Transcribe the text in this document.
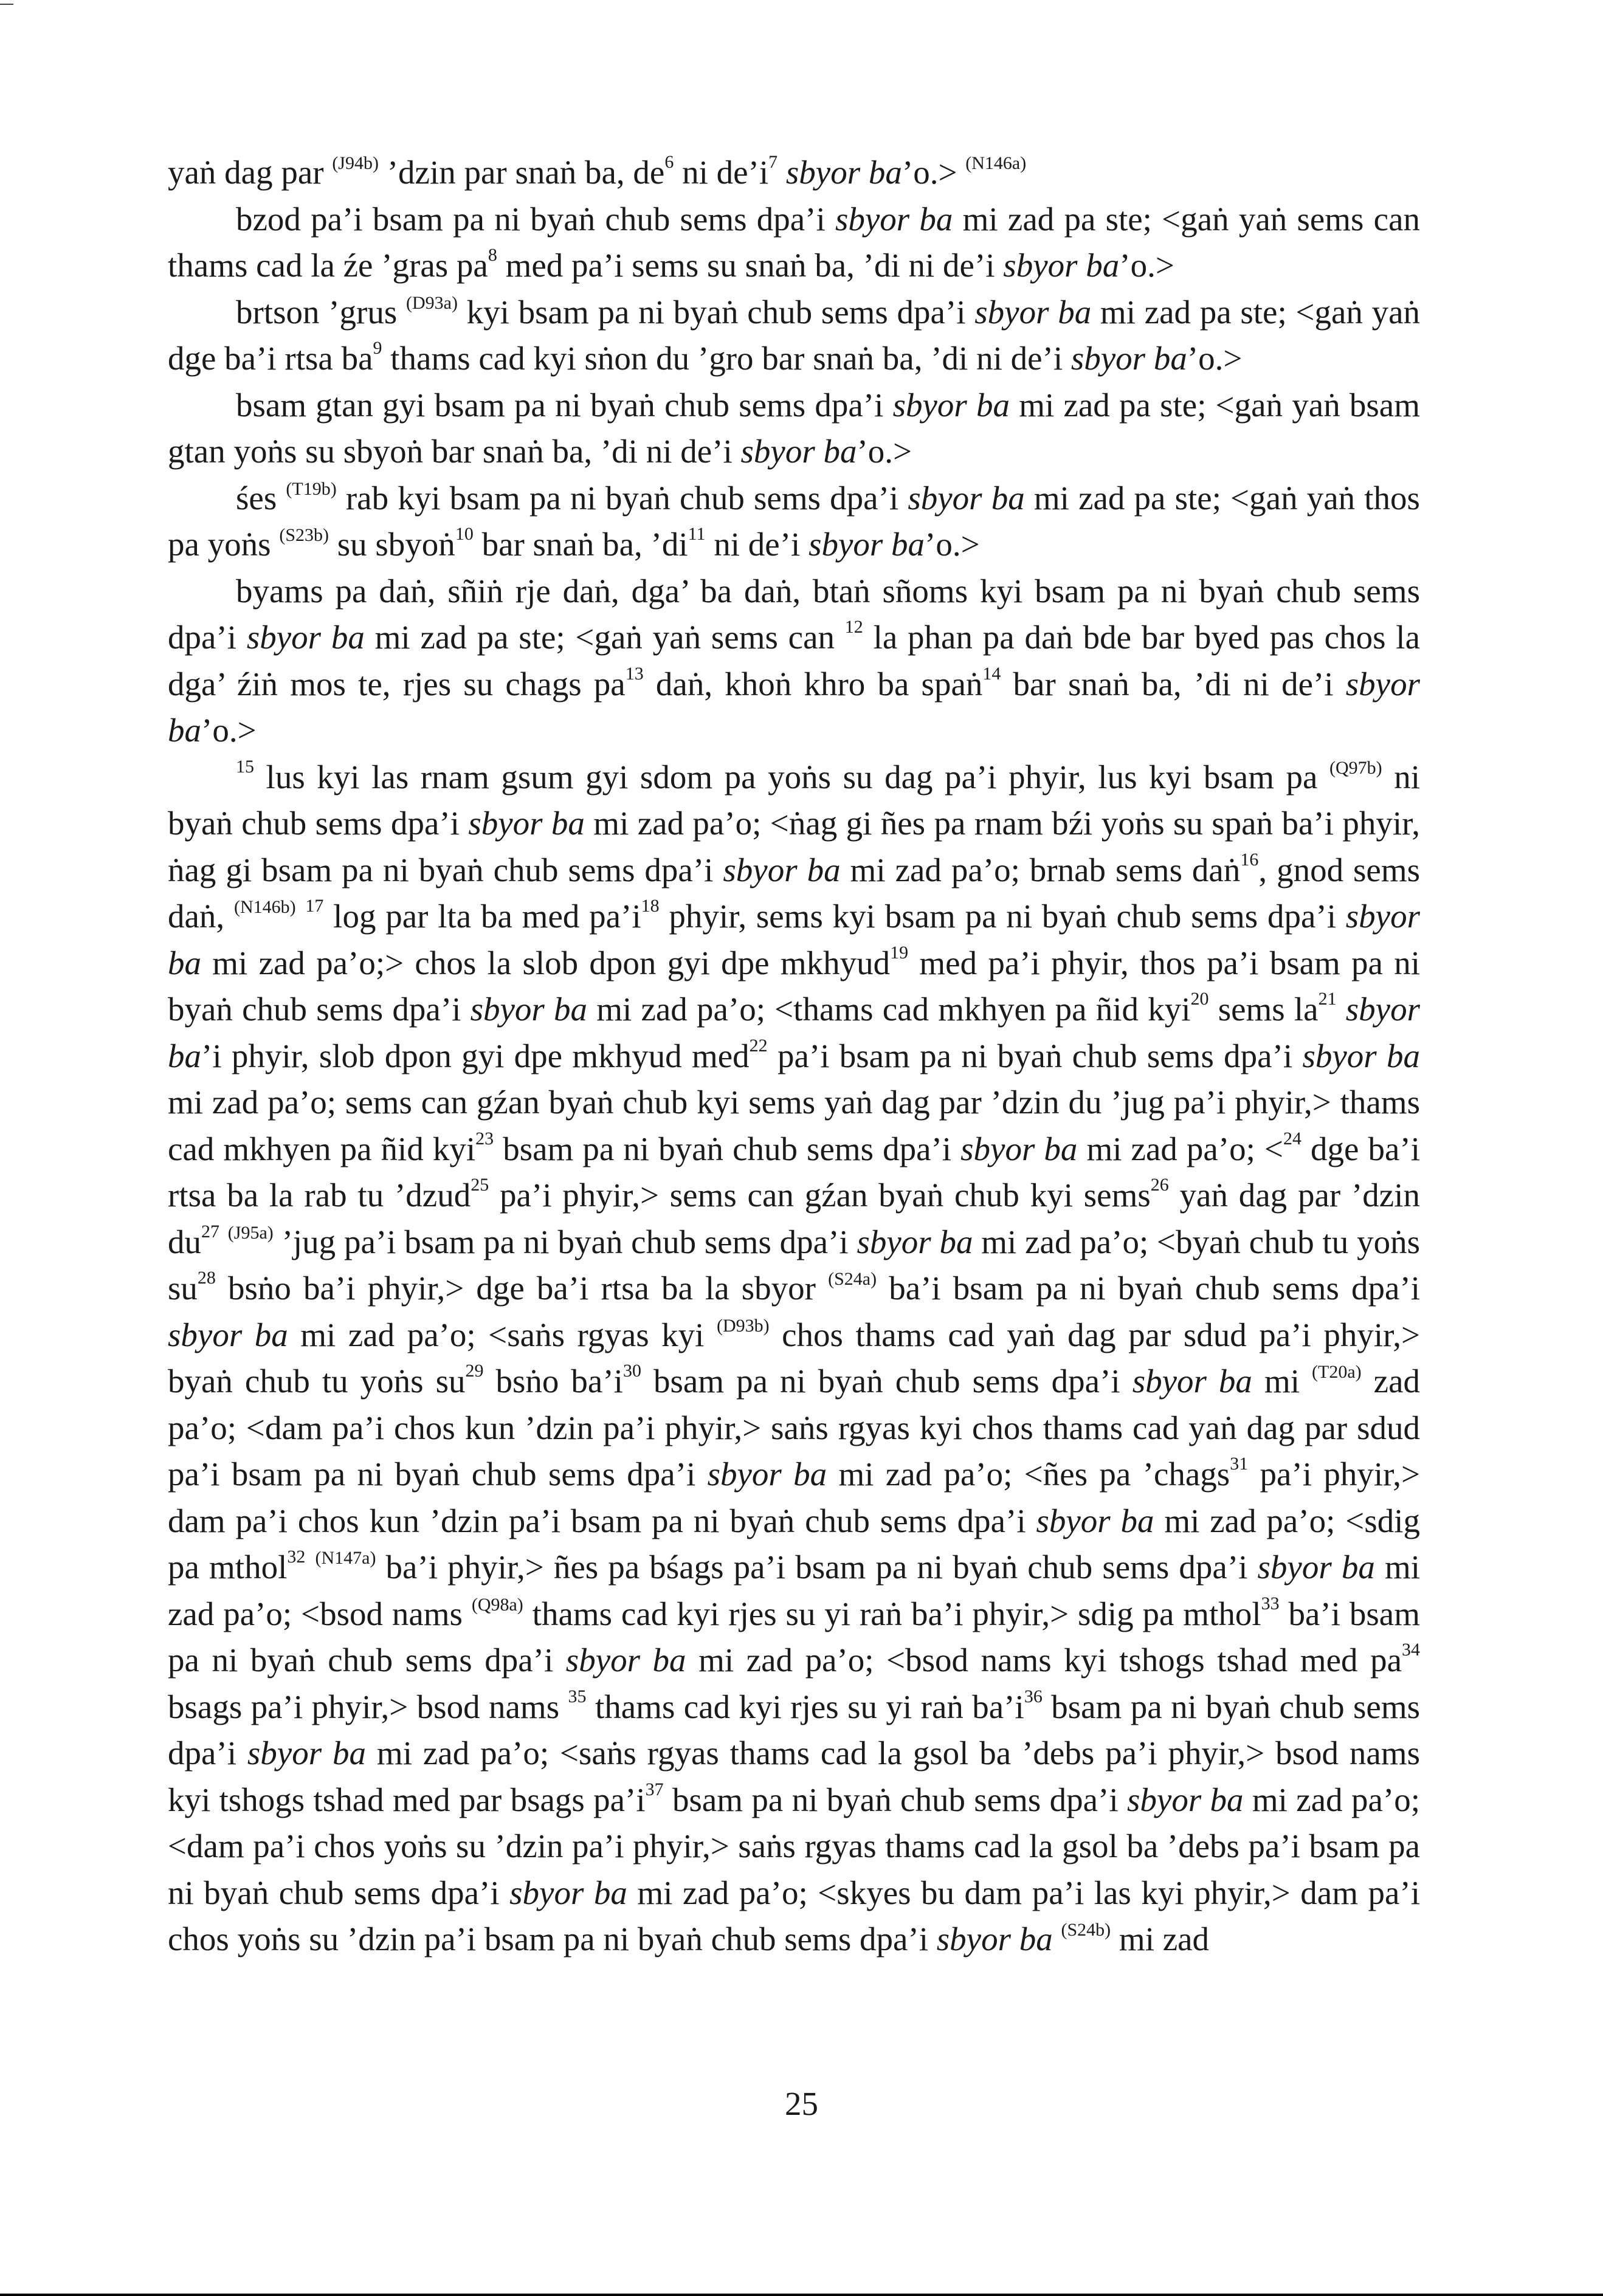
yaṅ dag par $^{(J94b)}$ ’dzin par snaṅ ba, $de^6$ ni $de’i^7$ sbyor ba’o.˃ $^{(N146a)}$

bzod pa’i bsam pa ni byaṅ chub sems dpa’i sbyor ba mi zad pa ste; ˂gaṅ yaṅ sems can thams cad la źe ’gras $pa^8$ med pa’i sems su snaṅ ba, ’di ni de’i sbyor ba’o.˃

brtson ’grus $^{(D93a)}$ kyi bsam pa ni byaṅ chub sems dpa’i sbyor ba mi zad pa ste; ˂gaṅ yaṅ dge ba’i rtsa $ba^9$ thams cad kyi sṅon du ’gro bar snaṅ ba, ’di ni de’i sbyor ba’o.˃

bsam gtan gyi bsam pa ni byaṅ chub sems dpa’i sbyor ba mi zad pa ste; ˂gaṅ yaṅ bsam gtan yoṅs su sbyoṅ bar snaṅ ba, ’di ni de’i sbyor ba’o.˃

śes $^{(T19b)}$ rab kyi bsam pa ni byaṅ chub sems dpa’i sbyor ba mi zad pa ste; ˂gaṅ yaṅ thos pa yoṅs $^{(S23b)}$ su sbyoṅ$^{10}$ bar snaṅ ba, $’di^{11}$ ni de’i sbyor ba’o.˃

byams pa daṅ, sñiṅ rje daṅ, dga’ ba daṅ, btaṅ sñoms kyi bsam pa ni byaṅ chub sems dpa’i sbyor ba mi zad pa ste; ˂gaṅ yaṅ sems can $^{12}$ la phan pa daṅ bde bar byed pas chos la dga’ źiṅ mos te, rjes su chags $pa^{13}$ daṅ, khoṅ khro ba spaṅ$^{14}$ bar snaṅ ba, ’di ni de’i sbyor ba’o.˃

$^{15}$ lus kyi las rnam gsum gyi sdom pa yoṅs su dag pa’i phyir, lus kyi bsam pa $^{(Q97b)}$ ni byaṅ chub sems dpa’i sbyor ba mi zad pa’o; ˂ṅag gi ñes pa rnam bźi yoṅs su spaṅ ba’i phyir, ṅag gi bsam pa ni byaṅ chub sems dpa’i sbyor ba mi zad pa’o; brnab sems daṅ$^{16}$, gnod sems daṅ, $^{(N146b)}$ $^{17}$ log par lta ba med $pa’i^{18}$ phyir, sems kyi bsam pa ni byaṅ chub sems dpa’i sbyor ba mi zad pa’o;˃ chos la slob dpon gyi dpe mkhyud$^{19}$ med pa’i phyir, thos pa’i bsam pa ni byaṅ chub sems dpa’i sbyor ba mi zad pa’o; ˂thams cad mkhyen pa ñid kyi$^{20}$ sems $la^{21}$ sbyor ba’i phyir, slob dpon gyi dpe mkhyud med$^{22}$ pa’i bsam pa ni byaṅ chub sems dpa’i sbyor ba mi zad pa’o; sems can gźan byaṅ chub kyi sems yaṅ dag par ’dzin du ’jug pa’i phyir,˃ thams cad mkhyen pa ñid kyi$^{23}$ bsam pa ni byaṅ chub sems dpa’i sbyor ba mi zad pa’o; ˂$^{24}$ dge ba’i rtsa ba la rab tu ’dzud$^{25}$ pa’i phyir,˃ sems can gźan byaṅ chub kyi sems$^{26}$ yaṅ dag par ’dzin $du^{27}$ $^{(J95a)}$ ’jug pa’i bsam pa ni byaṅ chub sems dpa’i sbyor ba mi zad pa’o; ˂byaṅ chub tu yoṅs $su^{28}$ bsṅo ba’i phyir,˃ dge ba’i rtsa ba la sbyor $^{(S24a)}$ ba’i bsam pa ni byaṅ chub sems dpa’i sbyor ba mi zad pa’o; ˂saṅs rgyas kyi $^{(D93b)}$ chos thams cad yaṅ dag par sdud pa’i phyir,˃ byaṅ chub tu yoṅs $su^{29}$ bsṅo $ba’i^{30}$ bsam pa ni byaṅ chub sems dpa’i sbyor ba mi $^{(T20a)}$ zad pa’o; ˂dam pa’i chos kun ’dzin pa’i phyir,˃ saṅs rgyas kyi chos thams cad yaṅ dag par sdud pa’i bsam pa ni byaṅ chub sems dpa’i sbyor ba mi zad pa’o; ˂ñes pa ’chags$^{31}$ pa’i phyir,˃ dam pa’i chos kun ’dzin pa’i bsam pa ni byaṅ chub sems dpa’i sbyor ba mi zad pa’o; ˂sdig pa mthol$^{32}$ $^{(N147a)}$ ba’i phyir,˃ ñes pa bśags pa’i bsam pa ni byaṅ chub sems dpa’i sbyor ba mi zad pa’o; ˂bsod nams $^{(Q98a)}$ thams cad kyi rjes su yi raṅ ba’i phyir,˃ sdig pa mthol$^{33}$ ba’i bsam pa ni byaṅ chub sems dpa’i sbyor ba mi zad pa’o; ˂bsod nams kyi tshogs tshad med $pa^{34}$ bsags pa’i phyir,˃ bsod nams $^{35}$ thams cad kyi rjes su yi raṅ $ba’i^{36}$ bsam pa ni byaṅ chub sems dpa’i sbyor ba mi zad pa’o; ˂saṅs rgyas thams cad la gsol ba ’debs pa’i phyir,˃ bsod nams kyi tshogs tshad med par bsags $pa’i^{37}$ bsam pa ni byaṅ chub sems dpa’i sbyor ba mi zad pa’o; ˂dam pa’i chos yoṅs su ’dzin pa’i phyir,˃ saṅs rgyas thams cad la gsol ba ’debs pa’i bsam pa ni byaṅ chub sems dpa’i sbyor ba mi zad pa’o; ˂skyes bu dam pa’i las kyi phyir,˃ dam pa’i chos yoṅs su ’dzin pa’i bsam pa ni byaṅ chub sems dpa’i sbyor ba $^{(S24b)}$ mi zad

25
